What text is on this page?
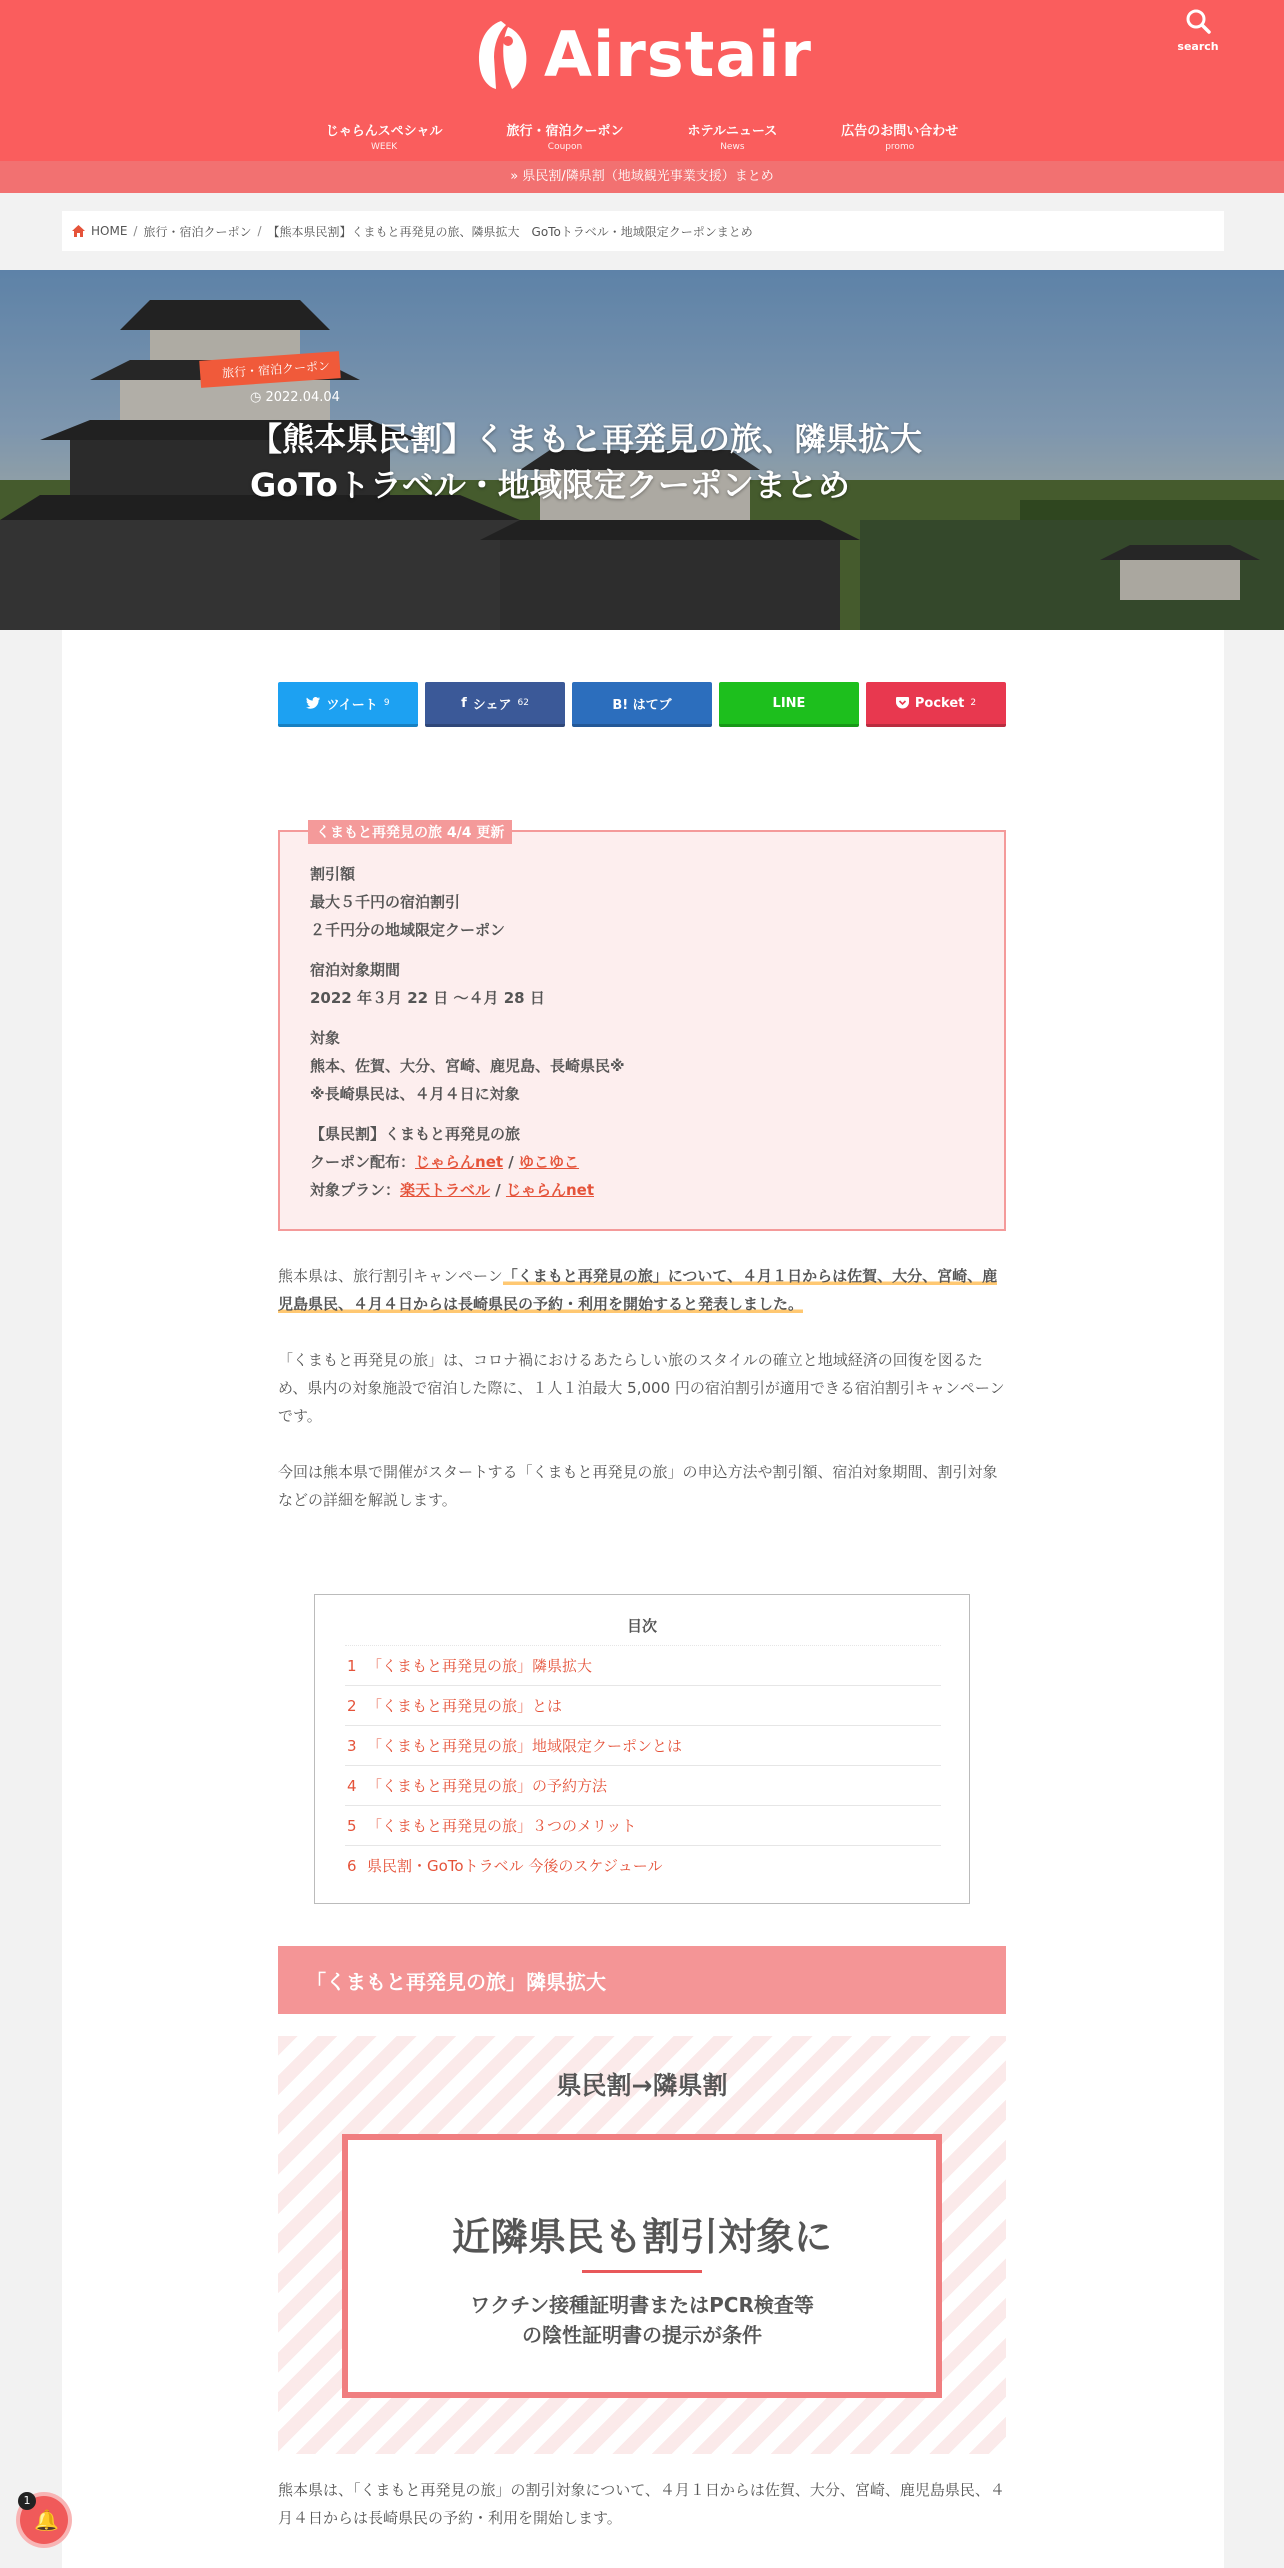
Airstair	search
じゃらんスペシャル
WEEK
旅行・宿泊クーポン
Coupon
ホテルニュース
News
広告のお問い合わせ
promo
» 県民割/隣県割（地域観光事業支援）まとめ
HOME / 旅行・宿泊クーポン / 【熊本県民割】くまもと再発見の旅、隣県拡大　GoToトラベル・地域限定クーポンまとめ
旅行・宿泊クーポン
◷ 2022.04.04
【熊本県民割】くまもと再発見の旅、隣県拡大
GoToトラベル・地域限定クーポンまとめ
ツイート 9	f シェア 62	B! はてブ	LINE	Pocket 2
くまもと再発見の旅 4/4 更新

割引額
最大５千円の宿泊割引
２千円分の地域限定クーポン

宿泊対象期間
2022 年３月 22 日 ～４月 28 日

対象
熊本、佐賀、大分、宮崎、鹿児島、長崎県民※
※長崎県民は、４月４日に対象

【県民割】くまもと再発見の旅
クーポン配布：じゃらんnet / ゆこゆこ
対象プラン：楽天トラベル / じゃらんnet

熊本県は、旅行割引キャンペーン「くまもと再発見の旅」について、４月１日からは佐賀、大分、宮崎、鹿児島県民、４月４日からは長崎県民の予約・利用を開始すると発表しました。
「くまもと再発見の旅」は、コロナ禍におけるあたらしい旅のスタイルの確立と地域経済の回復を図るため、県内の対象施設で宿泊した際に、１人１泊最大 5,000 円の宿泊割引が適用できる宿泊割引キャンペーンです。
今回は熊本県で開催がスタートする「くまもと再発見の旅」の申込方法や割引額、宿泊対象期間、割引対象などの詳細を解説します。
目次
1 「くまもと再発見の旅」隣県拡大
2 「くまもと再発見の旅」とは
3 「くまもと再発見の旅」地域限定クーポンとは
4 「くまもと再発見の旅」の予約方法
5 「くまもと再発見の旅」３つのメリット
6 県民割・GoToトラベル 今後のスケジュール
「くまもと再発見の旅」隣県拡大
県民割→隣県割
近隣県民も割引対象に
ワクチン接種証明書またはPCR検査等
の陰性証明書の提示が条件
熊本県は、「くまもと再発見の旅」の割引対象について、４月１日からは佐賀、大分、宮崎、鹿児島県民、４月４日からは長崎県民の予約・利用を開始します。
🔔
1
